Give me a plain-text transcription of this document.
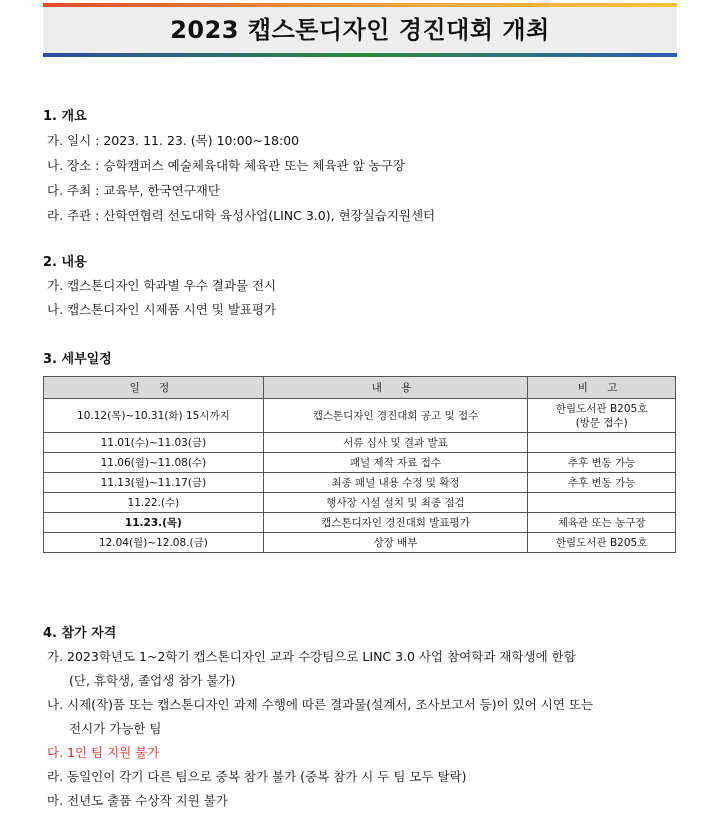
2023 캡스톤디자인 경진대회 개최
1. 개요
가. 일시 : 2023. 11. 23. (목) 10:00~18:00
나. 장소 : 승학캠퍼스 예술체육대학 체육관 또는 체육관 앞 농구장
다. 주최 : 교육부, 한국연구재단
라. 주관 : 산학연협력 선도대학 육성사업(LINC 3.0), 현장실습지원센터
2. 내용
가. 캡스톤디자인 학과별 우수 결과물 전시
나. 캡스톤디자인 시제품 시연 및 발표평가
3. 세부일정
일 정	내 용	비 고
10.12(목)~10.31(화) 15시까지	캡스톤디자인 경진대회 공고 및 접수	한림도서관 B205호
(방문 접수)
11.01(수)~11.03(금)	서류 심사 및 결과 발표	
11.06(월)~11.08(수)	패널 제작 자료 접수	추후 변동 가능
11.13(월)~11.17(금)	최종 패널 내용 수정 및 확정	추후 변동 가능
11.22.(수)	행사장 시설 설치 및 최종 점검	
11.23.(목)	캡스톤디자인 경진대회 발표평가	체육관 또는 농구장
12.04(월)~12.08.(금)	상장 배부	한림도서관 B205호
4. 참가 자격
가. 2023학년도 1~2학기 캡스톤디자인 교과 수강팀으로 LINC 3.0 사업 참여학과 재학생에 한함
(단, 휴학생, 졸업생 참가 불가)
나. 시제(작)품 또는 캡스톤디자인 과제 수행에 따른 결과물(설계서, 조사보고서 등)이 있어 시연 또는
전시가 가능한 팀
다. 1인 팀 지원 불가
라. 동일인이 각기 다른 팀으로 중복 참가 불가 (중복 참가 시 두 팀 모두 탈락)
마. 전년도 출품 수상작 지원 불가
